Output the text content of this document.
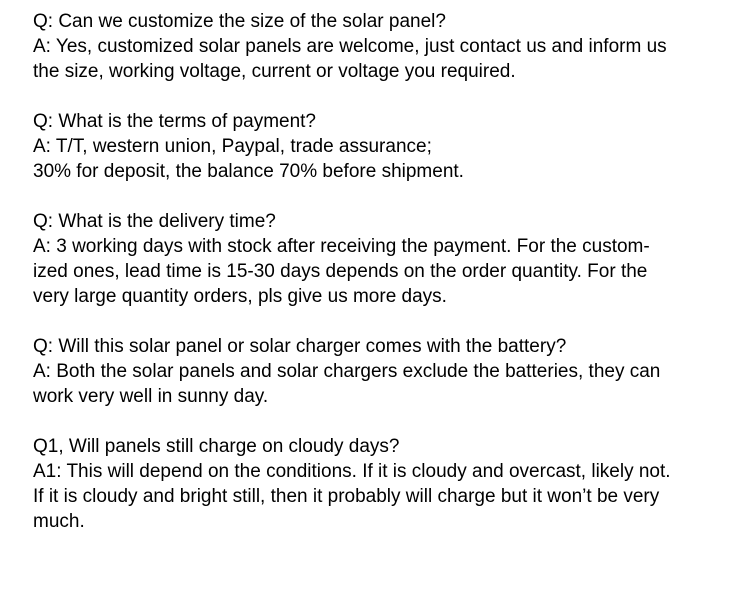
Q: Can we customize the size of the solar panel?
A: Yes, customized solar panels are welcome, just contact us and inform us
the size, working voltage, current or voltage you required.
Q: What is the terms of payment?
A: T/T, western union, Paypal, trade assurance;
30% for deposit, the balance 70% before shipment.
Q: What is the delivery time?
A: 3 working days with stock after receiving the payment. For the custom-
ized ones, lead time is 15-30 days depends on the order quantity. For the
very large quantity orders, pls give us more days.
Q: Will this solar panel or solar charger comes with the battery?
A: Both the solar panels and solar chargers exclude the batteries, they can
work very well in sunny day.
Q1, Will panels still charge on cloudy days?
A1: This will depend on the conditions. If it is cloudy and overcast, likely not.
If it is cloudy and bright still, then it probably will charge but it won’t be very
much.
